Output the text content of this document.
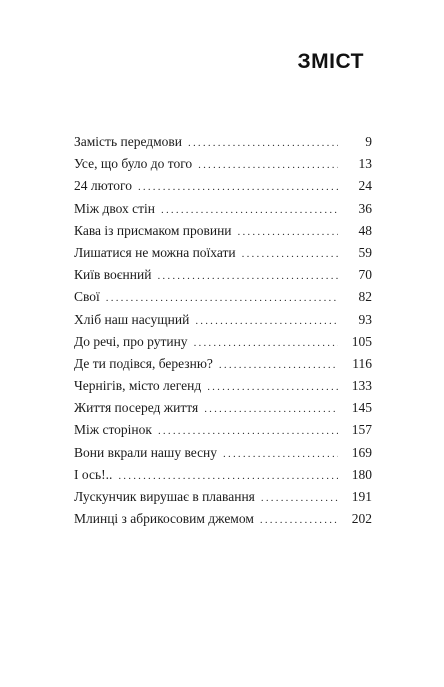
ЗМІСТ
Замість передмови .....	9
Усе, що було до того .....	13
24 лютого .....	24
Між двох стін .....	36
Кава із присмаком провини .....	48
Лишатися не можна поїхати .....	59
Київ воєнний .....	70
Свої .....	82
Хліб наш насущний .....	93
До речі, про рутину .....	105
Де ти подівся, березню? .....	116
Чернігів, місто легенд .....	133
Життя посеред життя .....	145
Між сторінок .....	157
Вони вкрали нашу весну .....	169
І ось!.. .....	180
Лускунчик вирушає в плавання .....	191
Млинці з абрикосовим джемом .....	202
